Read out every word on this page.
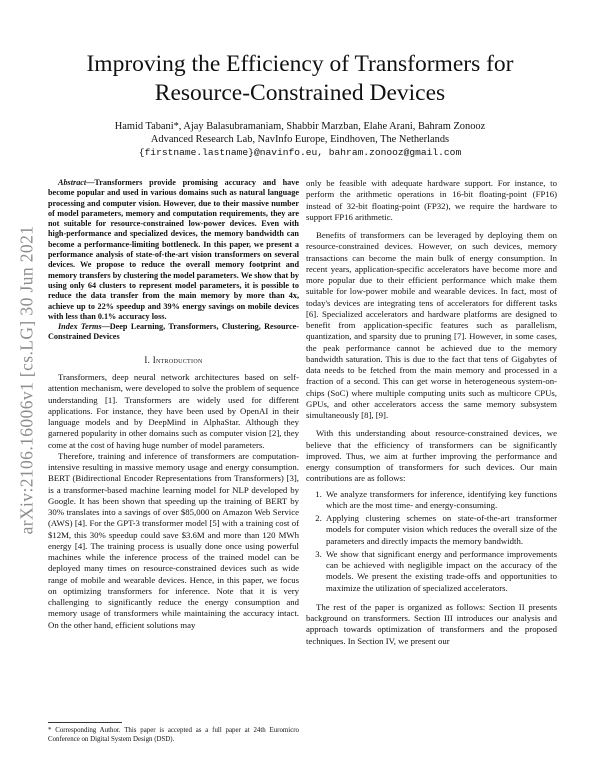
arXiv:2106.16006v1 [cs.LG] 30 Jun 2021
Improving the Efficiency of Transformers for
Resource-Constrained Devices
Hamid Tabani*, Ajay Balasubramaniam, Shabbir Marzban, Elahe Arani, Bahram Zonooz
Advanced Research Lab, NavInfo Europe, Eindhoven, The Netherlands
{firstname.lastname}@navinfo.eu, bahram.zonooz@gmail.com

Abstract—Transformers provide promising accuracy and have become popular and used in various domains such as natural language processing and computer vision. However, due to their massive number of model parameters, memory and computation requirements, they are not suitable for resource-constrained low-power devices. Even with high-performance and specialized devices, the memory bandwidth can become a performance-limiting bottleneck. In this paper, we present a performance analysis of state-of-the-art vision transformers on several devices. We propose to reduce the overall memory footprint and memory transfers by clustering the model parameters. We show that by using only 64 clusters to represent model parameters, it is possible to reduce the data transfer from the main memory by more than 4x, achieve up to 22% speedup and 39% energy savings on mobile devices with less than 0.1% accuracy loss.

Index Terms—Deep Learning, Transformers, Clustering, Resource-Constrained Devices

I. Introduction

Transformers, deep neural network architectures based on self-attention mechanism, were developed to solve the problem of sequence understanding [1]. Transformers are widely used for different applications. For instance, they have been used by OpenAI in their language models and by DeepMind in AlphaStar. Although they garnered popularity in other domains such as computer vision [2], they come at the cost of having huge number of model parameters.

Therefore, training and inference of transformers are computation-intensive resulting in massive memory usage and energy consumption. BERT (Bidirectional Encoder Representations from Transformers) [3], is a transformer-based machine learning model for NLP developed by Google. It has been shown that speeding up the training of BERT by 30% translates into a savings of over $85,000 on Amazon Web Service (AWS) [4]. For the GPT-3 transformer model [5] with a training cost of $12M, this 30% speedup could save $3.6M and more than 120 MWh energy [4]. The training process is usually done once using powerful machines while the inference process of the trained model can be deployed many times on resource-constrained devices such as wide range of mobile and wearable devices. Hence, in this paper, we focus on optimizing transformers for inference. Note that it is very challenging to significantly reduce the energy consumption and memory usage of transformers while maintaining the accuracy intact. On the other hand, efficient solutions may

only be feasible with adequate hardware support. For instance, to perform the arithmetic operations in 16-bit floating-point (FP16) instead of 32-bit floating-point (FP32), we require the hardware to support FP16 arithmetic.

Benefits of transformers can be leveraged by deploying them on resource-constrained devices. However, on such devices, memory transactions can become the main bulk of energy consumption. In recent years, application-specific accelerators have become more and more popular due to their efficient performance which make them suitable for low-power mobile and wearable devices. In fact, most of today's devices are integrating tens of accelerators for different tasks [6]. Specialized accelerators and hardware platforms are designed to benefit from application-specific features such as parallelism, quantization, and sparsity due to pruning [7]. However, in some cases, the peak performance cannot be achieved due to the memory bandwidth saturation. This is due to the fact that tens of Gigabytes of data needs to be fetched from the main memory and processed in a fraction of a second. This can get worse in heterogeneous system-on-chips (SoC) where multiple computing units such as multicore CPUs, GPUs, and other accelerators access the same memory subsystem simultaneously [8], [9].

With this understanding about resource-constrained devices, we believe that the efficiency of transformers can be significantly improved. Thus, we aim at further improving the performance and energy consumption of transformers for such devices. Our main contributions are as follows:

1. We analyze transformers for inference, identifying key functions which are the most time- and energy-consuming.
2. Applying clustering schemes on state-of-the-art transformer models for computer vision which reduces the overall size of the parameters and directly impacts the memory bandwidth.
3. We show that significant energy and performance improvements can be achieved with negligible impact on the accuracy of the models. We present the existing trade-offs and opportunities to maximize the utilization of specialized accelerators.

The rest of the paper is organized as follows: Section II presents background on transformers. Section III introduces our analysis and approach towards optimization of transformers and the proposed techniques. In Section IV, we present our

* Corresponding Author. This paper is accepted as a full paper at 24th Euromicro Conference on Digital System Design (DSD).
